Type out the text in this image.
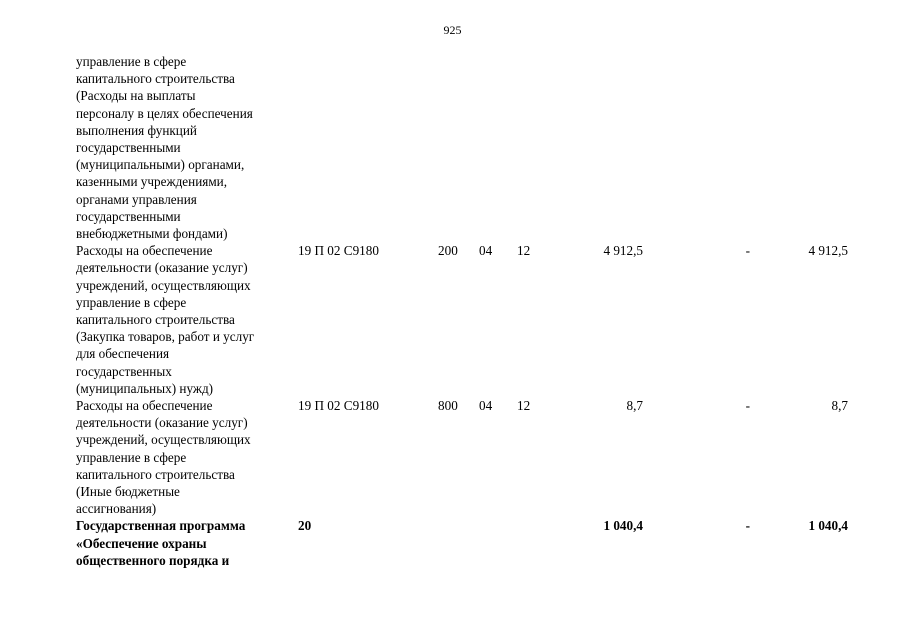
925
управление в сфере
капитального строительства
(Расходы на выплаты
персоналу в целях обеспечения
выполнения функций
государственными
(муниципальными) органами,
казенными учреждениями,
органами управления
государственными
внебюджетными фондами)
Расходы на обеспечение
деятельности (оказание услуг)
учреждений, осуществляющих
управление в сфере
капитального строительства
(Закупка товаров, работ и услуг
для обеспечения
государственных
(муниципальных) нужд)
19 П 02 С9180	200 04 12	4 912,5	-	4 912,5
Расходы на обеспечение
деятельности (оказание услуг)
учреждений, осуществляющих
управление в сфере
капитального строительства
(Иные бюджетные
ассигнования)
19 П 02 С9180	800 04 12	8,7	-	8,7
Государственная программа
«Обеспечение охраны
общественного порядка и
20	1 040,4	-	1 040,4
